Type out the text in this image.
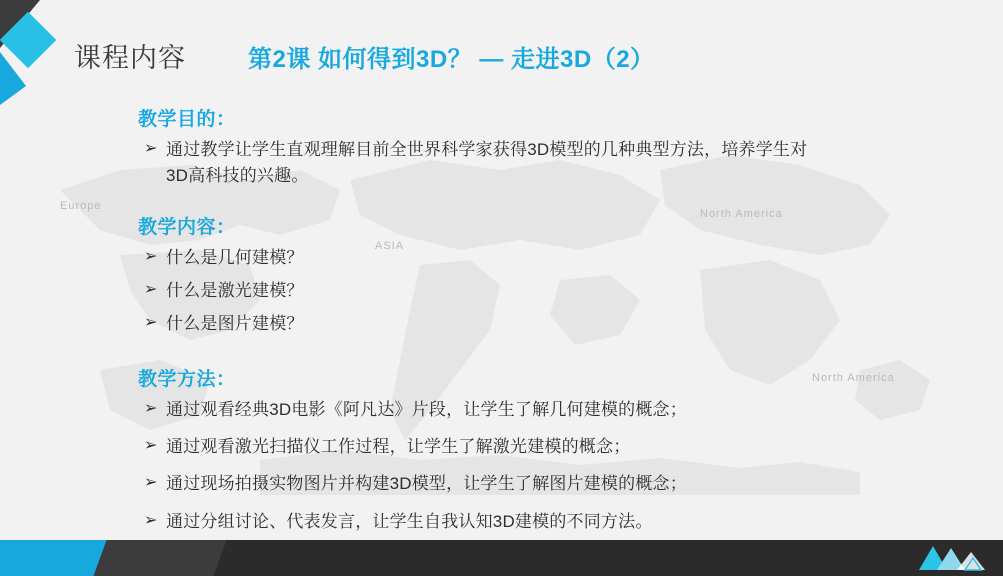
Europe
ASIA
North America
North America
课程内容	第2课 如何得到3D？ — 走进3D（2）
教学目的：
➢ 通过教学让学生直观理解目前全世界科学家获得3D模型的几种典型方法，培养学生对
3D高科技的兴趣。
教学内容：
➢ 什么是几何建模？
➢ 什么是激光建模？
➢ 什么是图片建模？
教学方法：
➢ 通过观看经典3D电影《阿凡达》片段，让学生了解几何建模的概念；
➢ 通过观看激光扫描仪工作过程，让学生了解激光建模的概念；
➢ 通过现场拍摄实物图片并构建3D模型，让学生了解图片建模的概念；
➢ 通过分组讨论、代表发言，让学生自我认知3D建模的不同方法。
